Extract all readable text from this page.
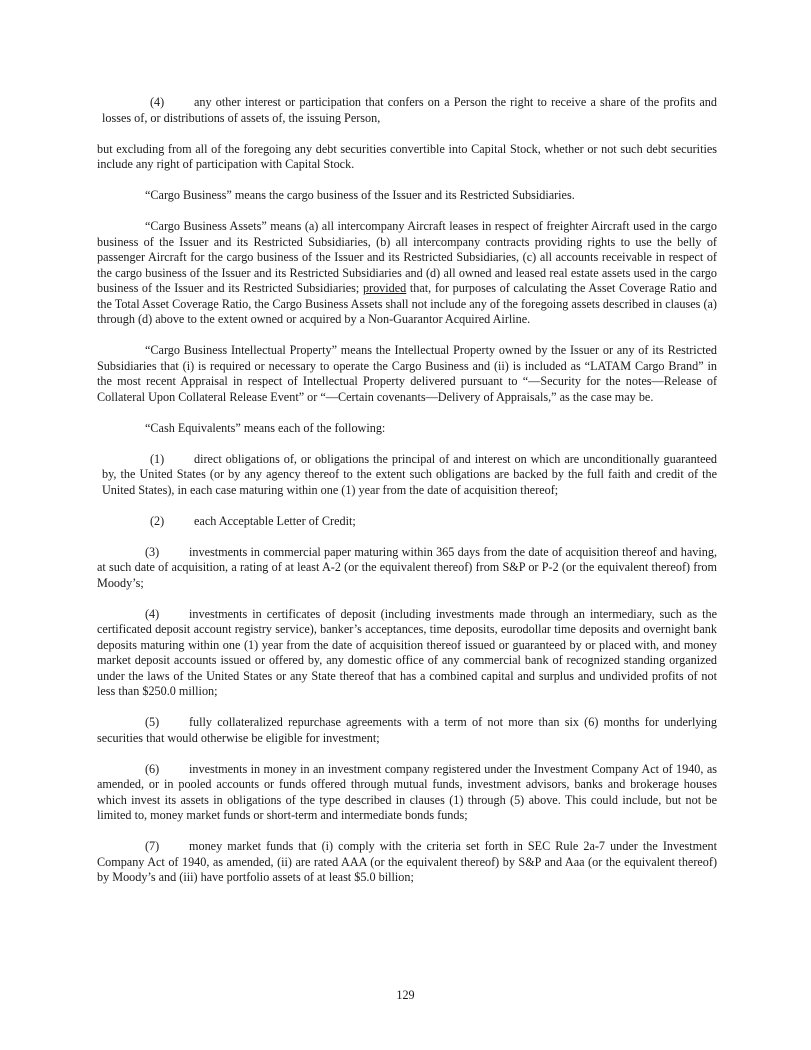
(4) any other interest or participation that confers on a Person the right to receive a share of the profits and losses of, or distributions of assets of, the issuing Person,

but excluding from all of the foregoing any debt securities convertible into Capital Stock, whether or not such debt securities include any right of participation with Capital Stock.

“Cargo Business” means the cargo business of the Issuer and its Restricted Subsidiaries.

“Cargo Business Assets” means (a) all intercompany Aircraft leases in respect of freighter Aircraft used in the cargo business of the Issuer and its Restricted Subsidiaries, (b) all intercompany contracts providing rights to use the belly of passenger Aircraft for the cargo business of the Issuer and its Restricted Subsidiaries, (c) all accounts receivable in respect of the cargo business of the Issuer and its Restricted Subsidiaries and (d) all owned and leased real estate assets used in the cargo business of the Issuer and its Restricted Subsidiaries; provided that, for purposes of calculating the Asset Coverage Ratio and the Total Asset Coverage Ratio, the Cargo Business Assets shall not include any of the foregoing assets described in clauses (a) through (d) above to the extent owned or acquired by a Non-Guarantor Acquired Airline.

“Cargo Business Intellectual Property” means the Intellectual Property owned by the Issuer or any of its Restricted Subsidiaries that (i) is required or necessary to operate the Cargo Business and (ii) is included as “LATAM Cargo Brand” in the most recent Appraisal in respect of Intellectual Property delivered pursuant to “—Security for the notes—Release of Collateral Upon Collateral Release Event” or “—Certain covenants—Delivery of Appraisals,” as the case may be.

“Cash Equivalents” means each of the following:

(1) direct obligations of, or obligations the principal of and interest on which are unconditionally guaranteed by, the United States (or by any agency thereof to the extent such obligations are backed by the full faith and credit of the United States), in each case maturing within one (1) year from the date of acquisition thereof;
(2) each Acceptable Letter of Credit;
(3) investments in commercial paper maturing within 365 days from the date of acquisition thereof and having, at such date of acquisition, a rating of at least A-2 (or the equivalent thereof) from S&P or P-2 (or the equivalent thereof) from Moody’s;
(4) investments in certificates of deposit (including investments made through an intermediary, such as the certificated deposit account registry service), banker’s acceptances, time deposits, eurodollar time deposits and overnight bank deposits maturing within one (1) year from the date of acquisition thereof issued or guaranteed by or placed with, and money market deposit accounts issued or offered by, any domestic office of any commercial bank of recognized standing organized under the laws of the United States or any State thereof that has a combined capital and surplus and undivided profits of not less than $250.0 million;
(5) fully collateralized repurchase agreements with a term of not more than six (6) months for underlying securities that would otherwise be eligible for investment;
(6) investments in money in an investment company registered under the Investment Company Act of 1940, as amended, or in pooled accounts or funds offered through mutual funds, investment advisors, banks and brokerage houses which invest its assets in obligations of the type described in clauses (1) through (5) above. This could include, but not be limited to, money market funds or short-term and intermediate bonds funds;
(7) money market funds that (i) comply with the criteria set forth in SEC Rule 2a-7 under the Investment Company Act of 1940, as amended, (ii) are rated AAA (or the equivalent thereof) by S&P and Aaa (or the equivalent thereof) by Moody’s and (iii) have portfolio assets of at least $5.0 billion;
129
